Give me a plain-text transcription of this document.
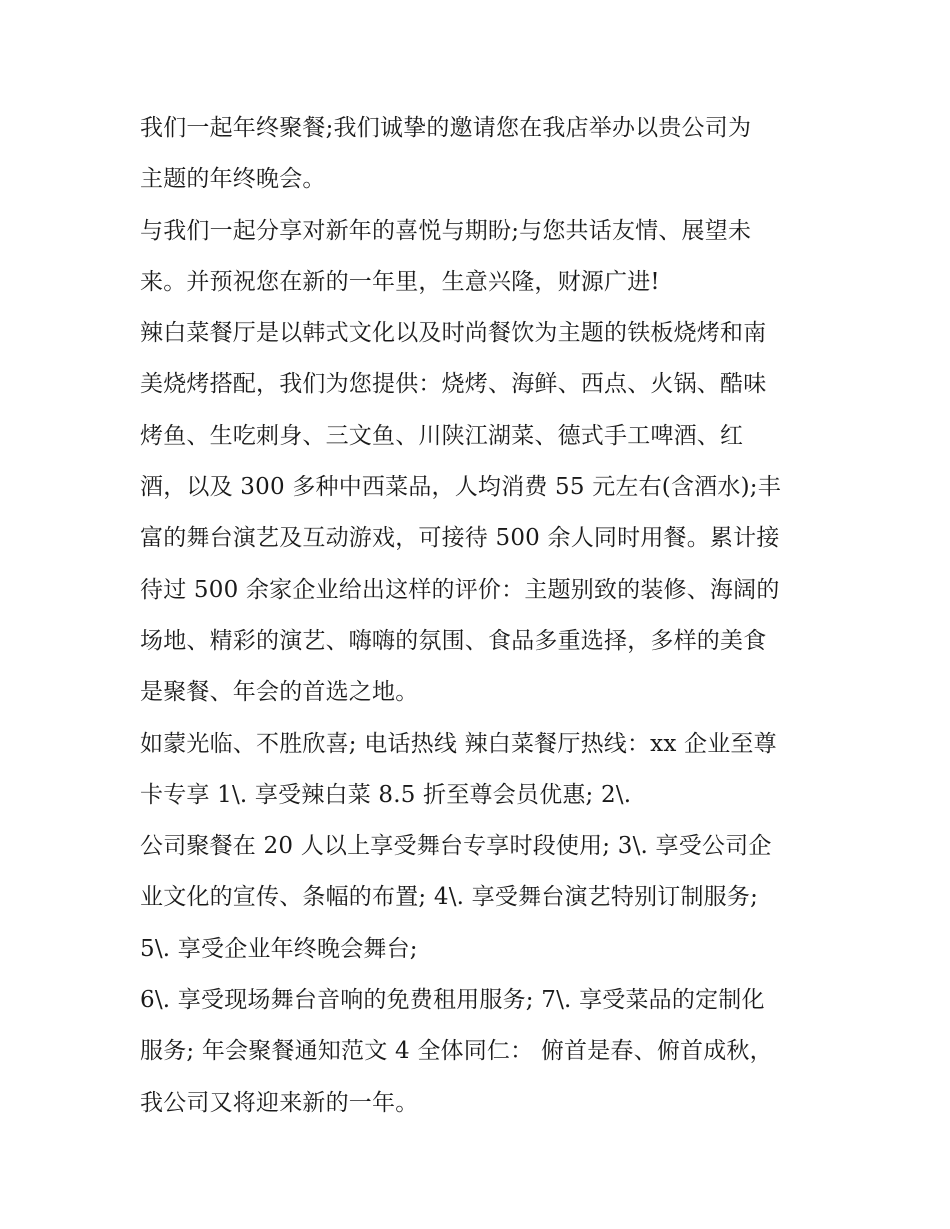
我们一起年终聚餐;我们诚挚的邀请您在我店举办以贵公司为
主题的年终晚会。
与我们一起分享对新年的喜悦与期盼;与您共话友情、展望未
来。并预祝您在新的一年里，生意兴隆，财源广进!
辣白菜餐厅是以韩式文化以及时尚餐饮为主题的铁板烧烤和南
美烧烤搭配，我们为您提供：烧烤、海鲜、西点、火锅、酷味
烤鱼、生吃刺身、三文鱼、川陕江湖菜、德式手工啤酒、红
酒，以及 300 多种中西菜品，人均消费 55 元左右(含酒水);丰
富的舞台演艺及互动游戏，可接待 500 余人同时用餐。累计接
待过 500 余家企业给出这样的评价：主题别致的装修、海阔的
场地、精彩的演艺、嗨嗨的氛围、食品多重选择，多样的美食
是聚餐、年会的首选之地。
如蒙光临、不胜欣喜; 电话热线 辣白菜餐厅热线：xx 企业至尊
卡专享 1\. 享受辣白菜 8.5 折至尊会员优惠; 2\.
公司聚餐在 20 人以上享受舞台专享时段使用; 3\. 享受公司企
业文化的宣传、条幅的布置; 4\. 享受舞台演艺特别订制服务;
5\. 享受企业年终晚会舞台;
6\. 享受现场舞台音响的免费租用服务; 7\. 享受菜品的定制化
服务; 年会聚餐通知范文 4 全体同仁： 俯首是春、俯首成秋，
我公司又将迎来新的一年。
